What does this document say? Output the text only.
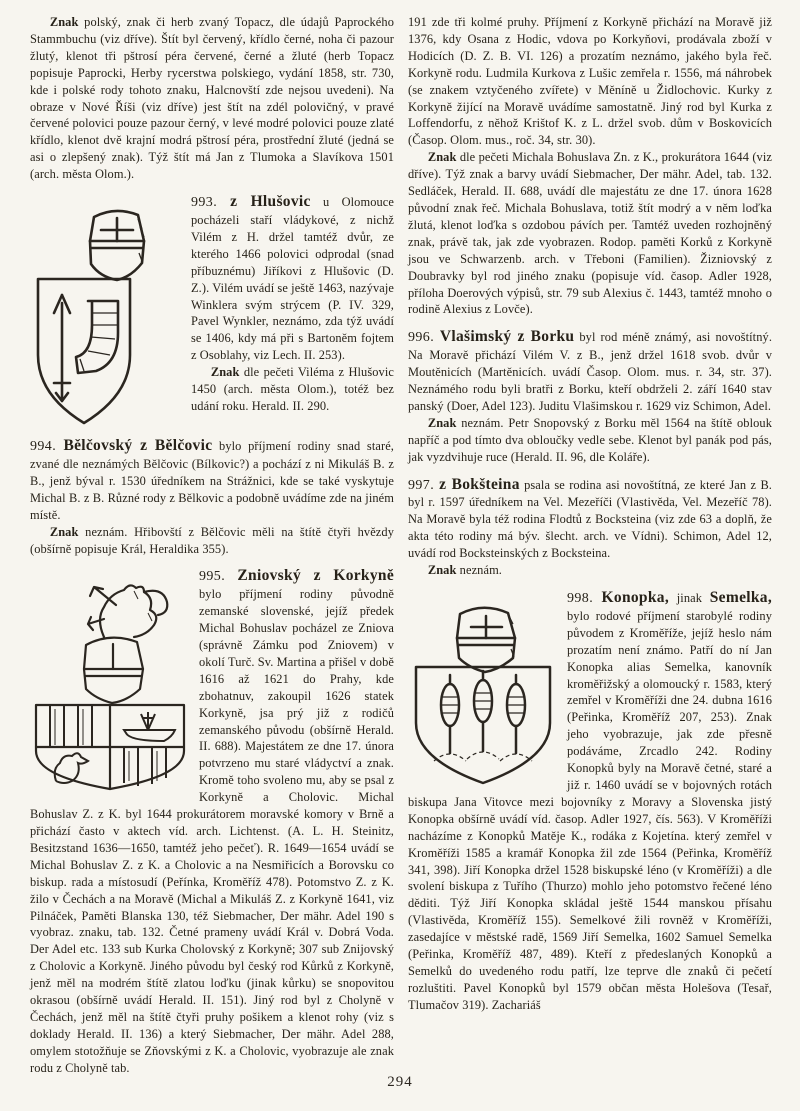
Znak polský, znak či herb zvaný Topacz, dle údajů Paprockého Stammbuchu (viz dříve). Štít byl červený, křídlo černé, noha či pazour žlutý, klenot tři pštrosí péra červené, černé a žluté (herb Topacz popisuje Paprocki, Herby rycerstwa polskiego, vydání 1858, str. 730, kde i polské rody tohoto znaku, Halcnovští zde nejsou uvedeni). Na obraze v Nové Říši (viz dříve) jest štít na zdél polovičný, v pravé červené polovici pouze pazour černý, v levé modré polovici pouze zlaté křídlo, klenot dvě krajní modrá pštrosí péra, prostřední žluté (jedná se asi o zlepšený znak). Týž štít má Jan z Tlumoka a Slavíkova 1501 (arch. města Olom.).

993. z Hlušovic u Olomouce pocházeli staří vládykové, z nichž Vilém z H. držel tamtéž dvůr, ze kterého 1466 polovici odprodal (snad příbuznému) Jiříkovi z Hlušovic (D. Z.). Vilém uvádí se ještě 1463, nazývaje Winklera svým strýcem (P. IV. 329, Pavel Wynkler, neznámo, zda týž uvádí se 1406, kdy má při s Bartoněm fojtem z Osoblahy, viz Lech. II. 253).

Znak dle pečeti Viléma z Hlušovic 1450 (arch. města Olom.), totéž bez udání roku. Herald. II. 290.

994. Bělčovský z Bělčovic bylo příjmení rodiny snad staré, zvané dle neznámých Bělčovic (Bílkovic?) a pochází z ni Mikuláš B. z B., jenž býval r. 1530 úředníkem na Strážnici, kde se také vyskytuje Michal B. z B. Různé rody z Bělkovic a podobně uvádíme zde na jiném místě.

Znak neznám. Hřibovští z Bělčovic měli na štítě čtyři hvězdy (obšírně popisuje Král, Heraldika 355).

995. Zniovský z Korkyně bylo příjmení rodiny původně zemanské slovenské, jejíž předek Michal Bohuslav pocházel ze Zniova (správně Zámku pod Zniovem) v okolí Turč. Sv. Martina a přišel v době 1616 až 1621 do Prahy, kde zbohatnuv, zakoupil 1626 statek Korkyně, jsa prý již z rodičů zemanského původu (obšírně Herald. II. 688). Majestátem ze dne 17. února potvrzeno mu staré vládyctví a znak. Kromě toho svoleno mu, aby se psal z Korkyně a Cholovic. Michal Bohuslav Z. z K. byl 1644 prokurátorem moravské komory v Brně a přichází často v aktech víd. arch. Lichtenst. (A. L. H. Steinitz, Besitzstand 1636—1650, tamtéž jeho pečeť). R. 1649—1654 uvádí se Michal Bohuslav Z. z K. a Cholovic a na Nesmiřicích a Borovsku co biskup. rada a místosudí (Peřínka, Kroměříž 478). Potomstvo Z. z K. žilo v Čechách a na Moravě (Michal a Mikuláš Z. z Korkyně 1641, viz Pilnáček, Paměti Blanska 130, též Siebmacher, Der mähr. Adel 190 s vyobraz. znaku, tab. 132. Četné prameny uvádí Král v. Dobrá Voda. Der Adel etc. 133 sub Kurka Cholovský z Korkyně; 307 sub Znijovský z Cholovic a Korkyně. Jiného původu byl český rod Kůrků z Korkyně, jenž měl na modrém štítě zlatou loďku (jinak kůrku) se snopovitou okrasou (obšírně uvádí Herald. II. 151). Jiný rod byl z Cholyně v Čechách, jenž měl na štítě čtyři pruhy pošikem a klenot rohy (viz s doklady Herald. II. 136) a který Siebmacher, Der mähr. Adel 288, omylem stotožňuje se Zňovskými z K. a Cholovic, vyobrazuje ale znak rodu z Cholyně tab.

191 zde tři kolmé pruhy. Příjmení z Korkyně přichází na Moravě již 1376, kdy Osana z Hodic, vdova po Korkyňovi, prodávala zboží v Hodicích (D. Z. B. VI. 126) a prozatím neznámo, jakého byla řeč. Korkyně rodu. Ludmila Kurkova z Lušic zemřela r. 1556, má náhrobek (se znakem vztyčeného zvířete) v Měníně u Židlochovic. Kurky z Korkyně žijící na Moravě uvádíme samostatně. Jiný rod byl Kurka z Loffendorfu, z něhož Krištof K. z L. držel svob. dům v Boskovicích (Časop. Olom. mus., roč. 34, str. 30).

Znak dle pečeti Michala Bohuslava Zn. z K., prokurátora 1644 (viz dříve). Týž znak a barvy uvádí Siebmacher, Der mähr. Adel, tab. 132. Sedláček, Herald. II. 688, uvádí dle majestátu ze dne 17. února 1628 původní znak řeč. Michala Bohuslava, totiž štít modrý a v něm loďka žlutá, klenot loďka s ozdobou pávích per. Tamtéž uveden rozhojněný znak, právě tak, jak zde vyobrazen. Rodop. paměti Korků z Korkyně jsou ve Schwarzenb. arch. v Třeboni (Familien). Žizniovský z Doubravky byl rod jiného znaku (popisuje víd. časop. Adler 1928, příloha Doerových výpisů, str. 79 sub Alexius č. 1443, tamtéž mnoho o rodině Alexius z Lovče).

996. Vlašimský z Borku byl rod méně známý, asi novoštítný. Na Moravě přichází Vilém V. z B., jenž držel 1618 svob. dvůr v Moutěnicích (Martěnicích. uvádí Časop. Olom. mus. r. 34, str. 37). Neznámého rodu byli bratři z Borku, kteří obdrželi 2. září 1640 stav panský (Doer, Adel 123). Juditu Vlašimskou r. 1629 viz Schimon, Adel.

Znak neznám. Petr Snopovský z Borku měl 1564 na štítě oblouk napříč a pod tímto dva obloučky vedle sebe. Klenot byl panák pod pás, jak vyzdvihuje ruce (Herald. II. 96, dle Koláře).

997. z Bokšteina psala se rodina asi novoštítná, ze které Jan z B. byl r. 1597 úředníkem na Vel. Mezeříči (Vlastivěda, Vel. Mezeříč 78). Na Moravě byla též rodina Flodtů z Bocksteina (viz zde 63 a doplň, že akta této rodiny má býv. šlecht. arch. ve Vídni). Schimon, Adel 12, uvádí rod Bocksteinských z Bocksteina.

Znak neznám.

998. Konopka, jinak Semelka, bylo rodové příjmení starobylé rodiny původem z Kroměříže, jejíž heslo nám prozatím není známo. Patří do ní Jan Konopka alias Semelka, kanovník kroměřižský a olomoucký r. 1583, který zemřel v Kroměříži dne 24. dubna 1616 (Peřinka, Kroměříž 207, 253). Znak jeho vyobrazuje, jak zde přesně podáváme, Zrcadlo 242. Rodiny Konopků byly na Moravě četné, staré a již r. 1460 uvádí se v bojovných rotách biskupa Jana Vitovce mezi bojovníky z Moravy a Slovenska jistý Konopka obšírně uvádí víd. časop. Adler 1927, čís. 563). V Kroměříži nacházíme z Konopků Matěje K., rodáka z Kojetína. který zemřel v Kroměříži 1585 a kramář Konopka žil zde 1564 (Peřinka, Kroměříž 341, 398). Jiří Konopka držel 1528 biskupské léno (v Kroměříži) a dle svolení biskupa z Tuřího (Thurzo) mohlo jeho potomstvo řečené léno děditi. Týž Jiří Konopka skládal ještě 1544 manskou přísahu (Vlastivěda, Kroměříž 155). Semelkové žili rovněž v Kroměříži, zasedajíce v městské radě, 1569 Jiří Semelka, 1602 Samuel Semelka (Peřinka, Kroměříž 487, 489). Kteří z předeslaných Konopků a Semelků do uvedeného rodu patří, lze teprve dle znaků či pečetí rozluštiti. Pavel Konopků byl 1579 občan města Holešova (Tesař, Tlumačov 319). Zachariáš

294
